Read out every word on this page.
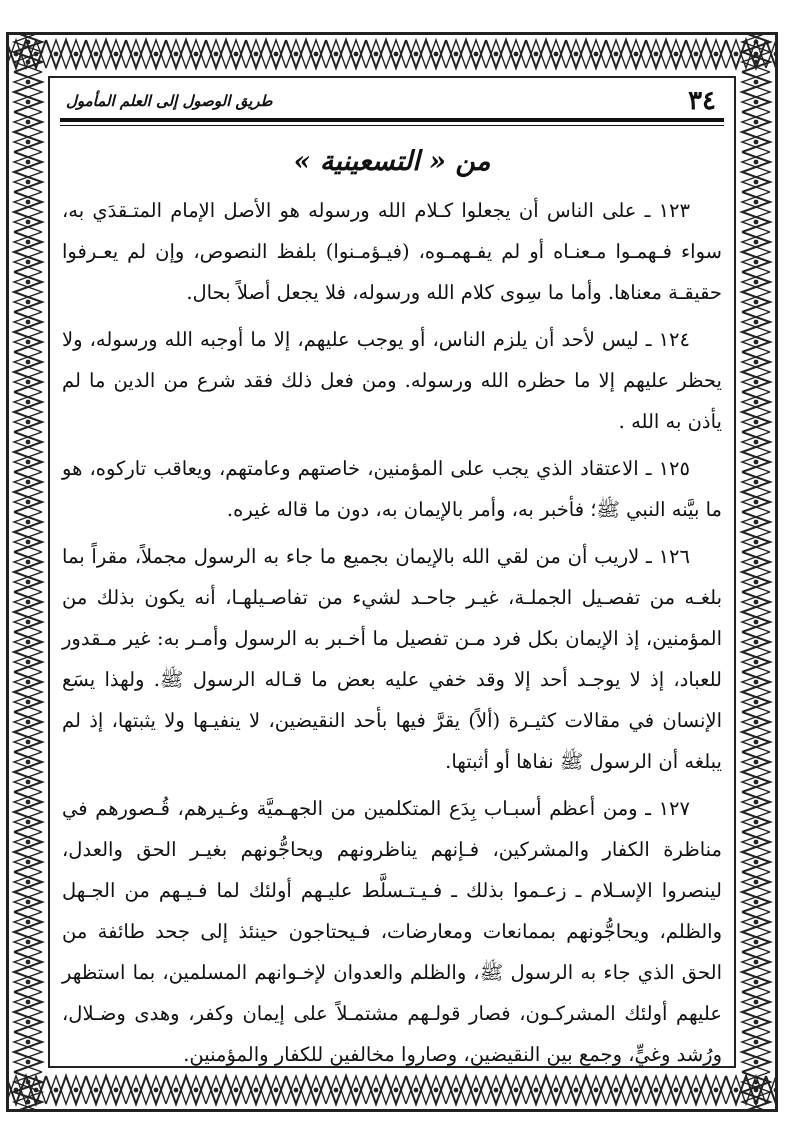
٣٤
طريق الوصول إلى العلم المأمول
من « التسعينية »

١٢٣ ـ على الناس أن يجعلوا كـلام الله ورسوله هو الأصل الإمام المتـقدَي به، سواء فـهمـوا مـعنـاه أو لم يفـهمـوه، (فيـؤمـنوا) بلفظ النصوص، وإن لم يعـرفوا حقيقـة معناها. وأما ما سِوى كلام الله ورسوله، فلا يجعل أصلاً بحال.

١٢٤ ـ ليس لأحد أن يلزم الناس، أو يوجب عليهم، إلا ما أوجبه الله ورسوله، ولا يحظر عليهم إلا ما حظره الله ورسوله. ومن فعل ذلك فقد شرع من الدين ما لم يأذن به الله .

١٢٥ ـ الاعتقاد الذي يجب على المؤمنين، خاصتهم وعامتهم، ويعاقب تاركوه، هو ما بيَّنه النبي ﷺ؛ فأخبر به، وأمر بالإيمان به، دون ما قاله غيره.

١٢٦ ـ لاريب أن من لقي الله بالإيمان بجميع ما جاء به الرسول مجملاً، مقراً بما بلغـه من تفصـيل الجملـة، غيـر جاحـد لشيء من تفاصـيلهـا، أنه يكون بذلك من المؤمنين، إذ الإيمان بكل فرد مـن تفصيل ما أخـبر به الرسول وأمـر به: غير مـقدور للعباد، إذ لا يوجـد أحد إلا وقد خفي عليه بعض ما قـاله الرسول ﷺ. ولهذا يسَع الإنسان في مقالات كثيـرة (ألاً) يقرَّ فيها بأحد النقيضين، لا ينفيـها ولا يثبتها، إذ لم يبلغه أن الرسول ﷺ نفاها أو أثبتها.

١٢٧ ـ ومن أعظم أسبـاب بِدَع المتكلمين من الجهـميَّة وغـيرهم، قُـصورهم في مناظرة الكفار والمشركين، فـإنهم يناظرونهم ويحاجُّونهم بغيـر الحق والعدل، لينصروا الإسـلام ـ زعـموا بذلك ـ فـيـتـسلَّط عليـهم أولئك لما فـيـهم من الجـهل والظلم، ويحاجُّونهم بممانعات ومعارضات، فـيحتاجون حينئذ إلى جحد طائفة من الحق الذي جاء به الرسول ﷺ، والظلم والعدوان لإخـوانهم المسلمين، بما استظهر عليهم أولئك المشركـون، فصار قولـهم مشتمـلاً على إيمان وكفر، وهدى وضـلال، ورُشد وغيٍّ، وجمع بين النقيضين، وصاروا مخالفين للكفار والمؤمنين.
